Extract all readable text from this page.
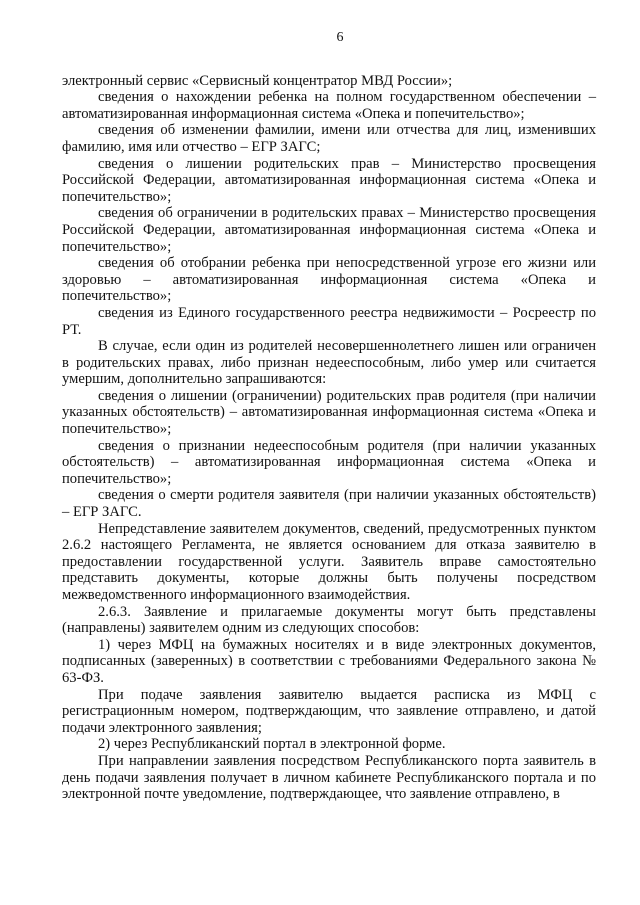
6

электронный сервис «Сервисный концентратор МВД России»;

сведения о нахождении ребенка на полном государственном обеспечении – автоматизированная информационная система «Опека и попечительство»;

сведения об изменении фамилии, имени или отчества для лиц, изменивших фамилию, имя или отчество – ЕГР ЗАГС;

сведения о лишении родительских прав – Министерство просвещения Российской Федерации, автоматизированная информационная система «Опека и попечительство»;

сведения об ограничении в родительских правах – Министерство просвещения Российской Федерации, автоматизированная информационная система «Опека и попечительство»;

сведения об отобрании ребенка при непосредственной угрозе его жизни или здоровью – автоматизированная информационная система «Опека и попечительство»;

сведения из Единого государственного реестра недвижимости – Росреестр по РТ.

В случае, если один из родителей несовершеннолетнего лишен или ограничен в родительских правах, либо признан недееспособным, либо умер или считается умершим, дополнительно запрашиваются:

сведения о лишении (ограничении) родительских прав родителя (при наличии указанных обстоятельств) – автоматизированная информационная система «Опека и попечительство»;

сведения о признании недееспособным родителя (при наличии указанных обстоятельств) – автоматизированная информационная система «Опека и попечительство»;

сведения о смерти родителя заявителя (при наличии указанных обстоятельств) – ЕГР ЗАГС.

Непредставление заявителем документов, сведений, предусмотренных пунктом 2.6.2 настоящего Регламента, не является основанием для отказа заявителю в предоставлении государственной услуги. Заявитель вправе самостоятельно представить документы, которые должны быть получены посредством межведомственного информационного взаимодействия.

2.6.3. Заявление и прилагаемые документы могут быть представлены (направлены) заявителем одним из следующих способов:

1) через МФЦ на бумажных носителях и в виде электронных документов, подписанных (заверенных) в соответствии с требованиями Федерального закона № 63-ФЗ.

При подаче заявления заявителю выдается расписка из МФЦ с регистрационным номером, подтверждающим, что заявление отправлено, и датой подачи электронного заявления;

2) через Республиканский портал в электронной форме.

При направлении заявления посредством Республиканского порта заявитель в день подачи заявления получает в личном кабинете Республиканского портала и по электронной почте уведомление, подтверждающее, что заявление отправлено, в
